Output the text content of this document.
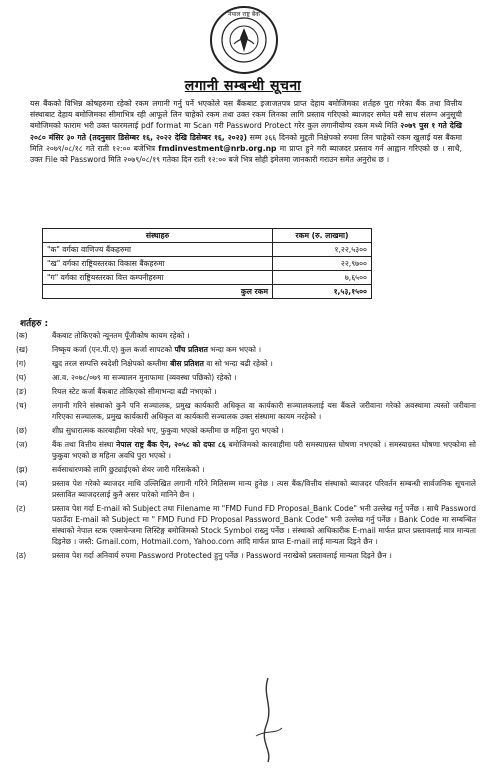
नेपाल राष्ट्र बैंक
लगानी सम्बन्धी सूचना
यस बैंकको विभिन्न कोषहरुमा रहेको रकम लगानी गर्नु पर्ने भएकोले यस बैंकबाट इजाजतपत्र प्राप्त देहाय बमोजिमका शर्तहरु पुरा गरेका बैंक तथा वित्तीय संस्थाबाट देहाय बमोजिमका सीमाभित्र रही आफूले लिन चाहेको रकम तथा उक्त रकम लिनका लागि प्रस्ताव गरिएको ब्याजदर समेत यसै साथ संलग्न अनुसूची बमोजिमको फाराम भरी उक्त फारमलाई pdf format मा Scan गरी Password Protect गरेर कुल लगानीयोग्य रकम मध्ये मिति २०७९ पुस १ गते देखि २०८० मंसिर ३० गते (तदनुसार डिसेम्बर १६, २०२२ देखि डिसेम्बर १६, २०२३) सम्म ३६६ दिनको मुद्दती निक्षेपको रुपमा लिन चाहेको रकम खुलाई यस बैंकमा मिति २०७९/०८/१८ गते राती १२:०० बजेभित्र fmdinvestment@nrb.org.np मा प्राप्त हुने गरी ब्याजदर प्रस्ताव गर्न आह्वान गरिएको छ । साथै, उक्त File को Password मिति २०७९/०८/१९ गतेका दिन राती १२:०० बजे भित्र सोही इमेलमा जानकारी गराउन समेत अनुरोध छ ।
संस्थाहरु	रकम (रु. लाखमा)
"क" वर्गका वाणिज्य बैंकहरुमा	१,२२,५३००
"ख" वर्गका राष्ट्रियस्तरका विकास बैंकहरुमा	२२,९७००
"ग" वर्गका राष्ट्रियस्तरका वित्त कम्पनीहरुमा	७,६५००
कुल रकम	१,५३,१५००
शर्तहरु :
(क)	बैंकबाट तोकिएको न्यूनतम पूँजीकोष कायम रहेको ।
(ख)	निष्कृय कर्जा (एन.पी.ए) कुल कर्जा सापटको पाँच प्रतिशत भन्दा कम भएको ।
(ग)	खुद तरल सम्पत्ति स्वदेशी निक्षेपको कम्तीमा बीस प्रतिशत वा सो भन्दा बढी रहेको ।
(घ)	आ.व. २०७८/०७९ मा सञ्चालन मुनाफामा (व्यवस्था पछिको) रहेको ।
(ङ)	रियल स्टेट कर्जा बैंकबाट तोकिएको सीमाभन्दा बढी नभएको ।
(च)	लगानी गरिने संस्थाको कुनै पनि सञ्चालक, प्रमुख कार्यकारी अधिकृत वा कार्यकारी सञ्चालकलाई यस बैंकले जरीवाना गरेको अवस्थामा त्यस्तो जरीवाना गरिएका सञ्चालक, प्रमुख कार्यकारी अधिकृत वा कार्यकारी सञ्चालक उक्त संस्थामा कायम नरहेको ।
(छ)	शीघ्र सुधारात्मक कारबाहीमा परेको भए, फुकुवा भएको कम्तीमा छ महिना पुरा भएको ।
(ज)	बैंक तथा वित्तीय संस्था नेपाल राष्ट्र बैंक ऐन, २०५८ को दफा ८६ बमोजिमको कारवाहीमा परी समस्याग्रस्त घोषणा नभएको । समस्याग्रस्त घोषणा भएकोमा सो फुकुवा भएको छ महिना अवधि पुरा भएको ।
(झ)	सर्वसाधारणको लागि छुट्याईएको शेयर जारी गरिसकेको ।
(ञ)	प्रस्ताव पेश गरेको ब्याजदर माथि उल्लिखित लगानी गरिने मितिसम्म मान्य हुनेछ । त्यस बैंक/वित्तीय संस्थाको ब्याजदर परिवर्तन सम्बन्धी सार्वजनिक सूचनाले प्रस्तावित ब्याजदरलाई कुनै असर पारेको मानिने छैन ।
(ट)	प्रस्ताव पेश गर्दा E-mail को Subject तथा Filename मा "FMD Fund FD Proposal_Bank Code" भनी उल्लेख गर्नु पर्नेछ । साथै Password पठाउँदा E-mail को Subject मा " FMD Fund FD Proposal Password_Bank Code" भनी उल्लेख गर्नु पर्नेछ । Bank Code मा सम्बन्धित संस्थाको नेपाल स्टक एक्सचेन्जमा लिस्टिङ्ग बमोजिमको Stock Symbol राख्नु पर्नेछ । संस्थाको आधिकारीक E-mail मार्फत प्राप्त प्रस्तावलाई मात्र मान्यता दिइनेछ । जस्तै: Gmail.com, Hotmail.com, Yahoo.com आदि मार्फत प्राप्त E-mail लाई मान्यता दिइने छैन ।
(ठ)	प्रस्ताव पेश गर्दा अनिवार्य रुपमा Password Protected हुनु पर्नेछ । Password नराखेको प्रस्तावलाई मान्यता दिइने छैन ।
